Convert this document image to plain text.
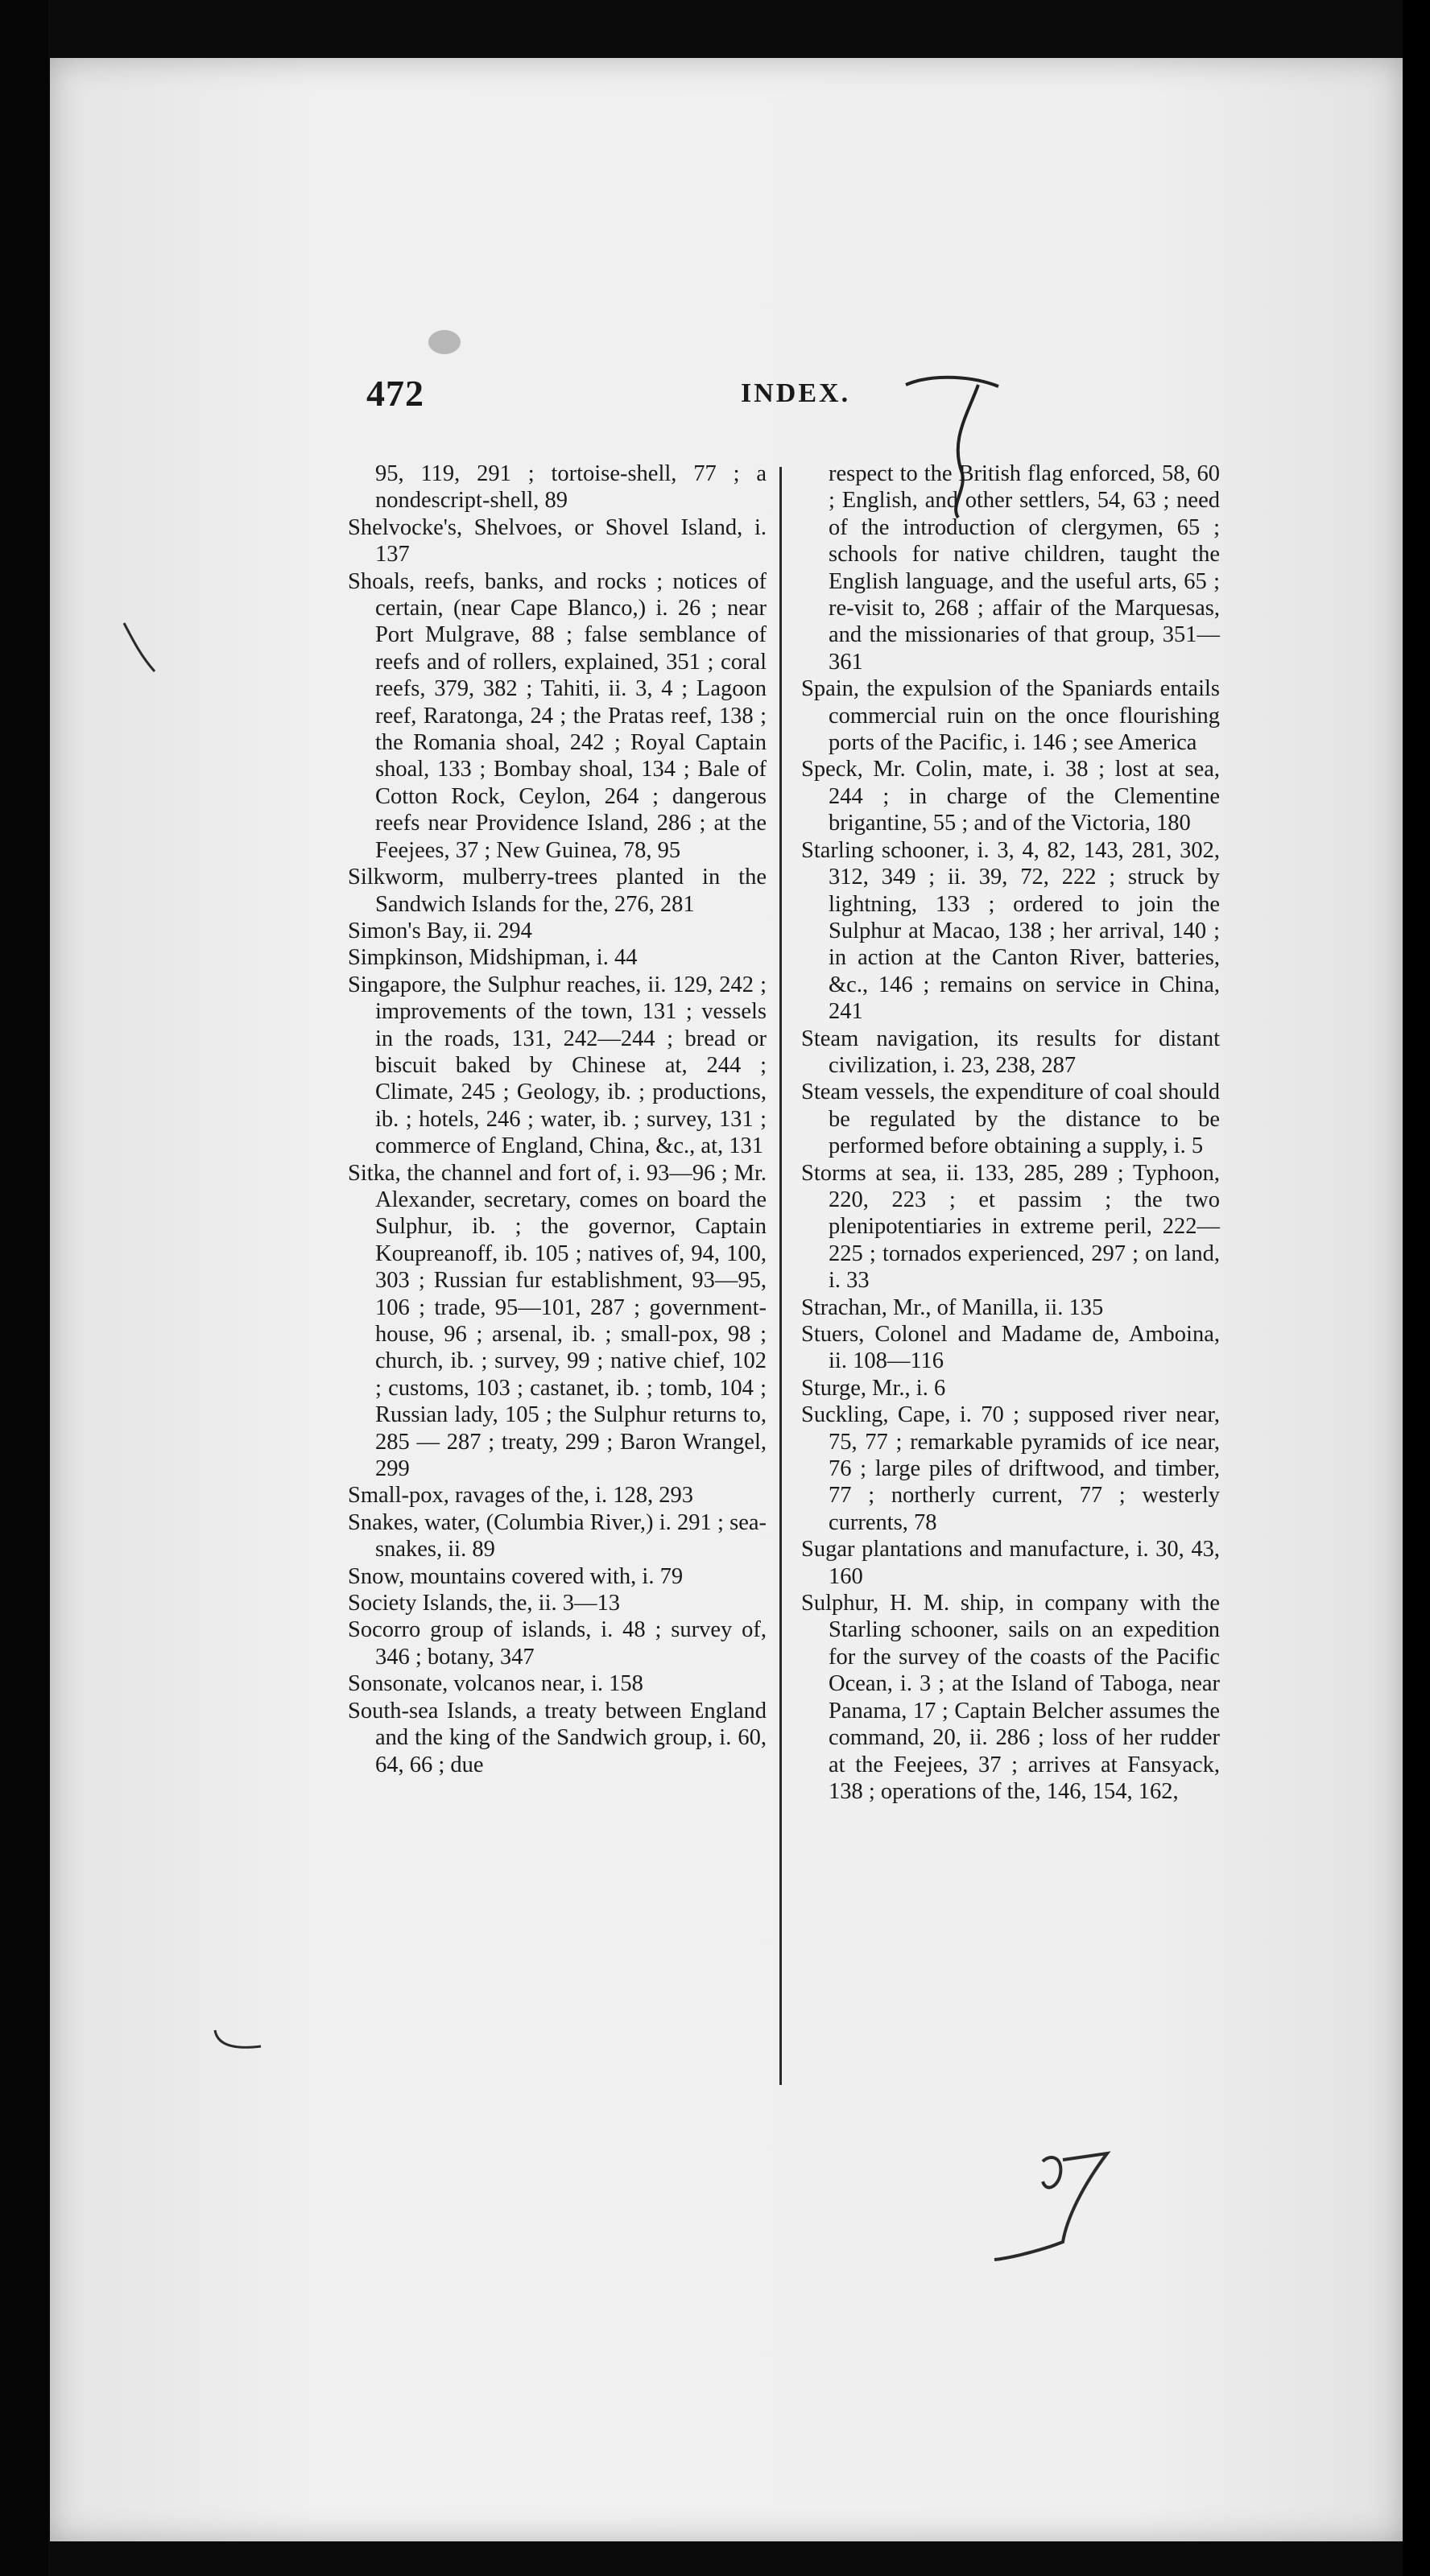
472	INDEX.

95, 119, 291 ; tortoise-shell, 77 ; a nondescript-shell, 89

Shelvocke's, Shelvoes, or Shovel Island, i. 137

Shoals, reefs, banks, and rocks ; notices of certain, (near Cape Blanco,) i. 26 ; near Port Mulgrave, 88 ; false semblance of reefs and of rollers, explained, 351 ; coral reefs, 379, 382 ; Tahiti, ii. 3, 4 ; Lagoon reef, Raratonga, 24 ; the Pratas reef, 138 ; the Romania shoal, 242 ; Royal Captain shoal, 133 ; Bombay shoal, 134 ; Bale of Cotton Rock, Ceylon, 264 ; dangerous reefs near Providence Island, 286 ; at the Feejees, 37 ; New Guinea, 78, 95

Silkworm, mulberry-trees planted in the Sandwich Islands for the, 276, 281

Simon's Bay, ii. 294

Simpkinson, Midshipman, i. 44

Singapore, the Sulphur reaches, ii. 129, 242 ; improvements of the town, 131 ; vessels in the roads, 131, 242—244 ; bread or biscuit baked by Chinese at, 244 ; Climate, 245 ; Geology, ib. ; productions, ib. ; hotels, 246 ; water, ib. ; survey, 131 ; commerce of England, China, &c., at, 131

Sitka, the channel and fort of, i. 93—96 ; Mr. Alexander, secretary, comes on board the Sulphur, ib. ; the governor, Captain Koupreanoff, ib. 105 ; natives of, 94, 100, 303 ; Russian fur establishment, 93—95, 106 ; trade, 95—101, 287 ; government-house, 96 ; arsenal, ib. ; small-pox, 98 ; church, ib. ; survey, 99 ; native chief, 102 ; customs, 103 ; castanet, ib. ; tomb, 104 ; Russian lady, 105 ; the Sulphur returns to, 285 — 287 ; treaty, 299 ; Baron Wrangel, 299

Small-pox, ravages of the, i. 128, 293

Snakes, water, (Columbia River,) i. 291 ; sea-snakes, ii. 89

Snow, mountains covered with, i. 79

Society Islands, the, ii. 3—13

Socorro group of islands, i. 48 ; survey of, 346 ; botany, 347

Sonsonate, volcanos near, i. 158

South-sea Islands, a treaty between England and the king of the Sandwich group, i. 60, 64, 66 ; due

respect to the British flag enforced, 58, 60 ; English, and other settlers, 54, 63 ; need of the introduction of clergymen, 65 ; schools for native children, taught the English language, and the useful arts, 65 ; re-visit to, 268 ; affair of the Marquesas, and the missionaries of that group, 351—361

Spain, the expulsion of the Spaniards entails commercial ruin on the once flourishing ports of the Pacific, i. 146 ; see America

Speck, Mr. Colin, mate, i. 38 ; lost at sea, 244 ; in charge of the Clementine brigantine, 55 ; and of the Victoria, 180

Starling schooner, i. 3, 4, 82, 143, 281, 302, 312, 349 ; ii. 39, 72, 222 ; struck by lightning, 133 ; ordered to join the Sulphur at Macao, 138 ; her arrival, 140 ; in action at the Canton River, batteries, &c., 146 ; remains on service in China, 241

Steam navigation, its results for distant civilization, i. 23, 238, 287

Steam vessels, the expenditure of coal should be regulated by the distance to be performed before obtaining a supply, i. 5

Storms at sea, ii. 133, 285, 289 ; Typhoon, 220, 223 ; et passim ; the two plenipotentiaries in extreme peril, 222—225 ; tornados experienced, 297 ; on land, i. 33

Strachan, Mr., of Manilla, ii. 135

Stuers, Colonel and Madame de, Amboina, ii. 108—116

Sturge, Mr., i. 6

Suckling, Cape, i. 70 ; supposed river near, 75, 77 ; remarkable pyramids of ice near, 76 ; large piles of driftwood, and timber, 77 ; northerly current, 77 ; westerly currents, 78

Sugar plantations and manufacture, i. 30, 43, 160

Sulphur, H. M. ship, in company with the Starling schooner, sails on an expedition for the survey of the coasts of the Pacific Ocean, i. 3 ; at the Island of Taboga, near Panama, 17 ; Captain Belcher assumes the command, 20, ii. 286 ; loss of her rudder at the Feejees, 37 ; arrives at Fansyack, 138 ; operations of the, 146, 154, 162,
